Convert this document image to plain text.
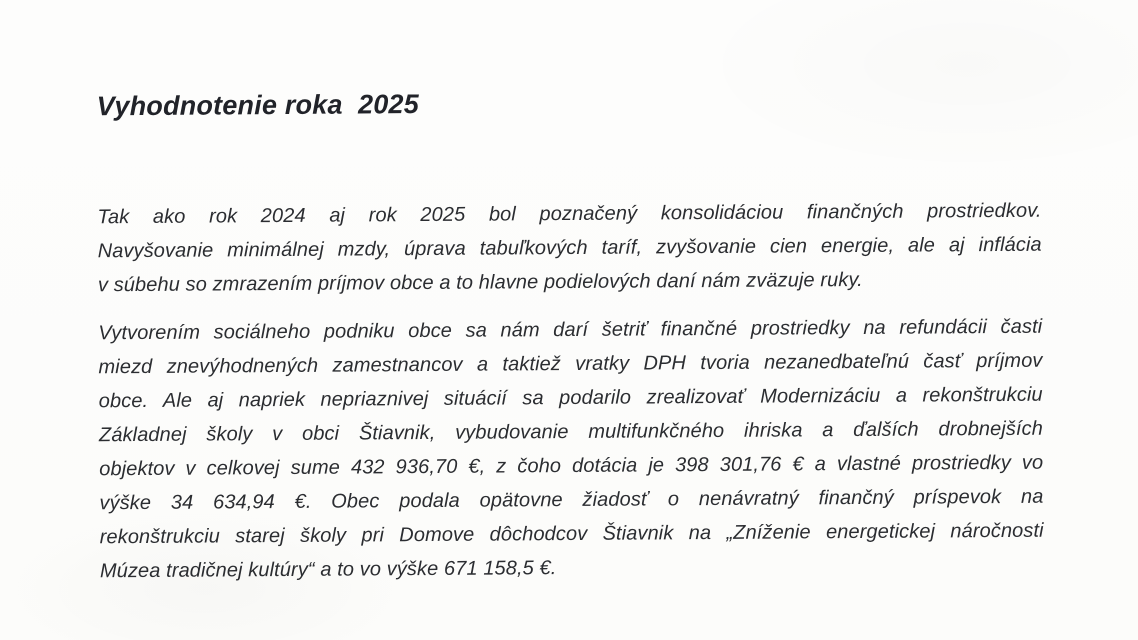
Vyhodnotenie roka  2025
Tak ako rok 2024 aj rok 2025 bol poznačený konsolidáciou finančných prostriedkov.
Navyšovanie minimálnej mzdy, úprava tabuľkových taríf, zvyšovanie cien energie, ale aj inflácia
v súbehu so zmrazením príjmov obce a to hlavne podielových daní nám zväzuje ruky.
Vytvorením sociálneho podniku obce sa nám darí šetriť finančné prostriedky na refundácii časti
miezd znevýhodnených zamestnancov a taktiež vratky DPH tvoria nezanedbateľnú časť príjmov
obce. Ale aj napriek nepriaznivej situácií sa podarilo zrealizovať Modernizáciu a rekonštrukciu
Základnej školy v obci Štiavnik, vybudovanie multifunkčného ihriska a ďalších drobnejších
objektov v celkovej sume 432 936,70 €, z čoho dotácia je 398 301,76 € a vlastné prostriedky vo
výške 34 634,94 €. Obec podala opätovne žiadosť o nenávratný finančný príspevok na
rekonštrukciu starej školy pri Domove dôchodcov Štiavnik na „Zníženie energetickej náročnosti
Múzea tradičnej kultúry“ a to vo výške 671 158,5 €.
